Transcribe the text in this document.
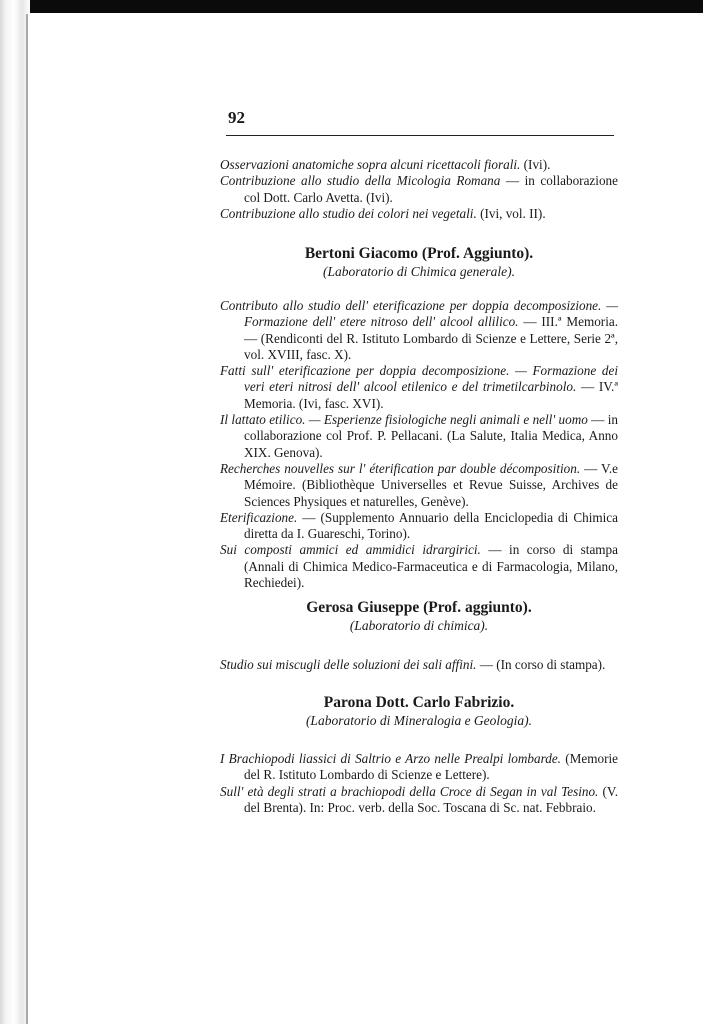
92

Osservazioni anatomiche sopra alcuni ricettacoli fiorali. (Ivi).

Contribuzione allo studio della Micologia Romana — in collaborazione col Dott. Carlo Avetta. (Ivi).

Contribuzione allo studio dei colori nei vegetali. (Ivi, vol. II).

Bertoni Giacomo (Prof. Aggiunto).
(Laboratorio di Chimica generale).

Contributo allo studio dell' eterificazione per doppia decomposizione. — Formazione dell' etere nitroso dell' alcool allilico. — III.ª Memoria. — (Rendiconti del R. Istituto Lombardo di Scienze e Lettere, Serie 2ª, vol. XVIII, fasc. X).

Fatti sull' eterificazione per doppia decomposizione. — Formazione dei veri eteri nitrosi dell' alcool etilenico e del trimetilcarbinolo. — IV.ª Memoria. (Ivi, fasc. XVI).

Il lattato etilico. — Esperienze fisiologiche negli animali e nell' uomo — in collaborazione col Prof. P. Pellacani. (La Salute, Italia Medica, Anno XIX. Genova).

Recherches nouvelles sur l' éterification par double décomposition. — V.e Mémoire. (Bibliothèque Universelles et Revue Suisse, Archives de Sciences Physiques et naturelles, Genève).

Eterificazione. — (Supplemento Annuario della Enciclopedia di Chimica diretta da I. Guareschi, Torino).

Sui composti ammici ed ammidici idrargirici. — in corso di stampa (Annali di Chimica Medico-Farmaceutica e di Farmacologia, Milano, Rechiedei).

Gerosa Giuseppe (Prof. aggiunto).
(Laboratorio di chimica).

Studio sui miscugli delle soluzioni dei sali affini. — (In corso di stampa).

Parona Dott. Carlo Fabrizio.
(Laboratorio di Mineralogia e Geologia).

I Brachiopodi liassici di Saltrio e Arzo nelle Prealpi lombarde. (Memorie del R. Istituto Lombardo di Scienze e Lettere).

Sull' età degli strati a brachiopodi della Croce di Segan in val Tesino. (V. del Brenta). In: Proc. verb. della Soc. Toscana di Sc. nat. Febbraio.
